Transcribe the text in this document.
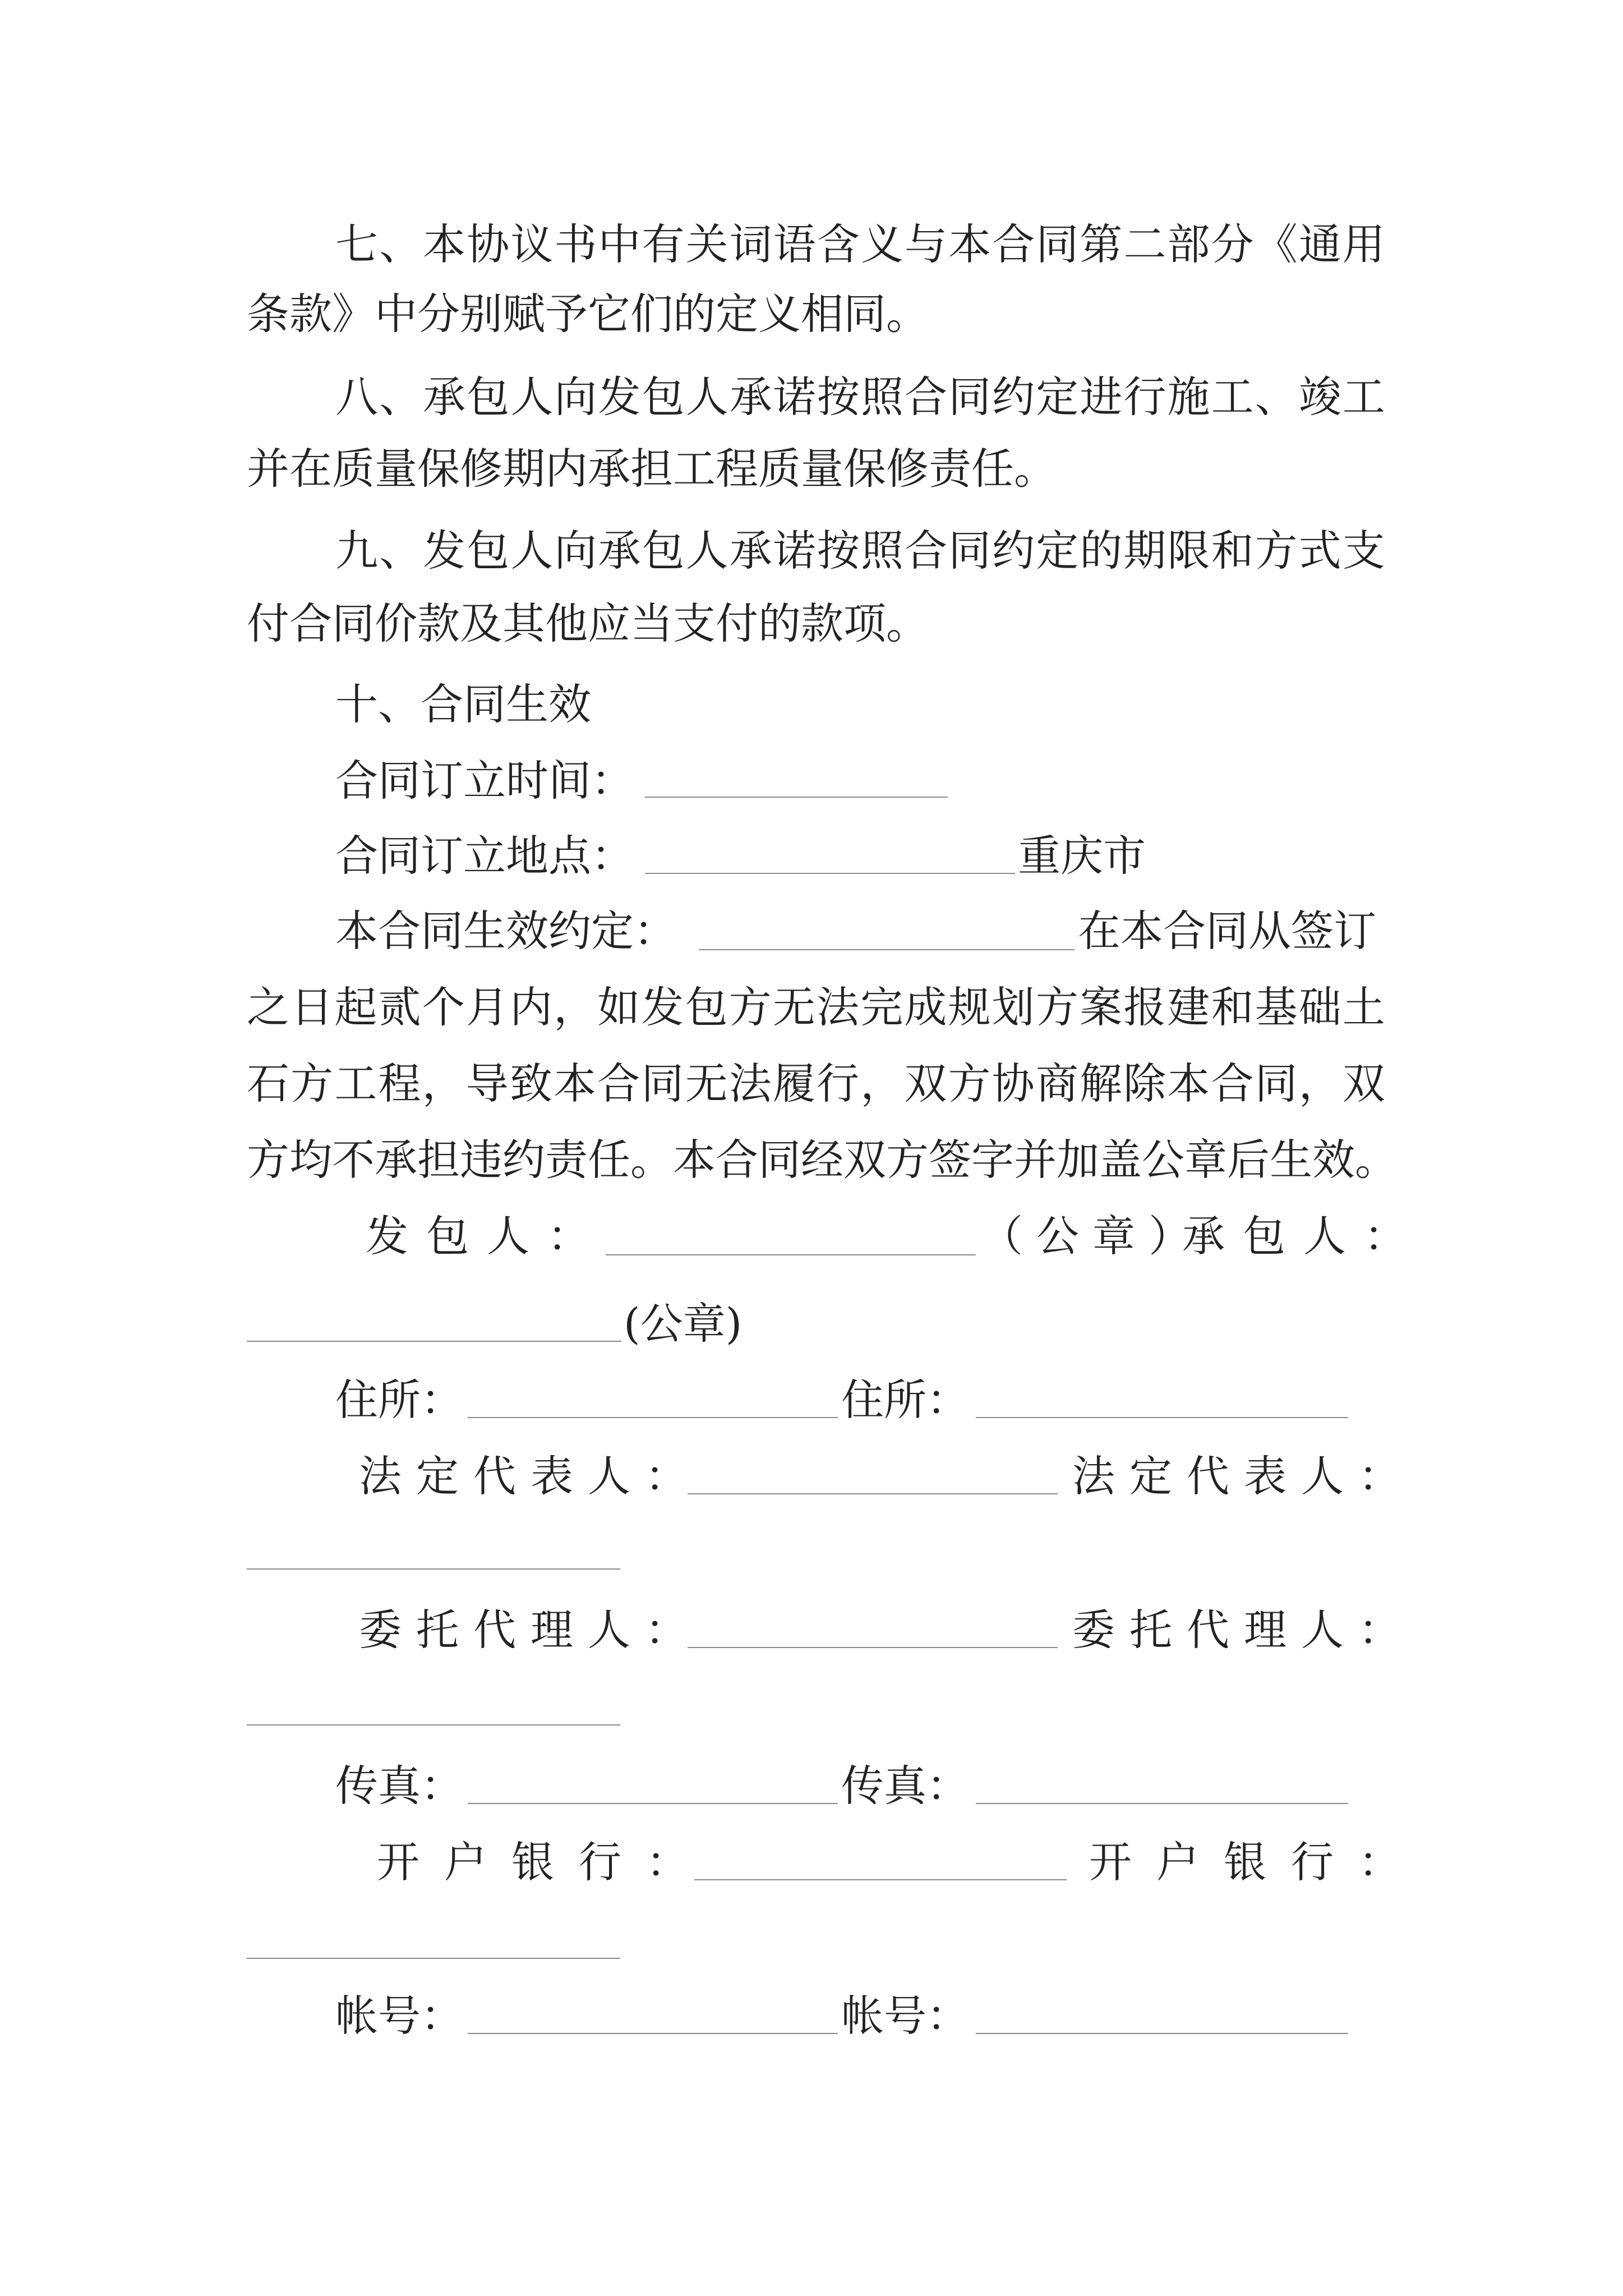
七 、 本 协 议 书 中 有 关 词 语 含 义 与 本 合 同 第 二 部 分 《 通 用
条款》中分别赋予它们的定义相同。
八 、 承 包 人 向 发 包 人 承 诺 按 照 合 同 约 定 进 行 施 工 、 竣 工
并在质量保修期内承担工程质量保修责任。
九 、 发 包 人 向 承 包 人 承 诺 按 照 合 同 约 定 的 期 限 和 方 式 支
付合同价款及其他应当支付的款项。
十、合同生效
合同订立时间：
合同订立地点：	重庆市
本合同生效约定：	在本合同从签订
之 日 起 贰 个 月 内 ， 如 发 包 方 无 法 完 成 规 划 方 案 报 建 和 基 础 土
石 方 工 程 ， 导 致 本 合 同 无 法 履 行 ， 双 方 协 商 解 除 本 合 同 ， 双
方均不承担违约责任。本合同经双方签字并加盖公章后生效。
发包人：	（公章）
承包人：
(公章)
住所：	住所：
法定代表人：	法定代表人：
委托代理人：	委托代理人：
传真：	传真：
开户银行：	开户银行：
帐号：	帐号：
